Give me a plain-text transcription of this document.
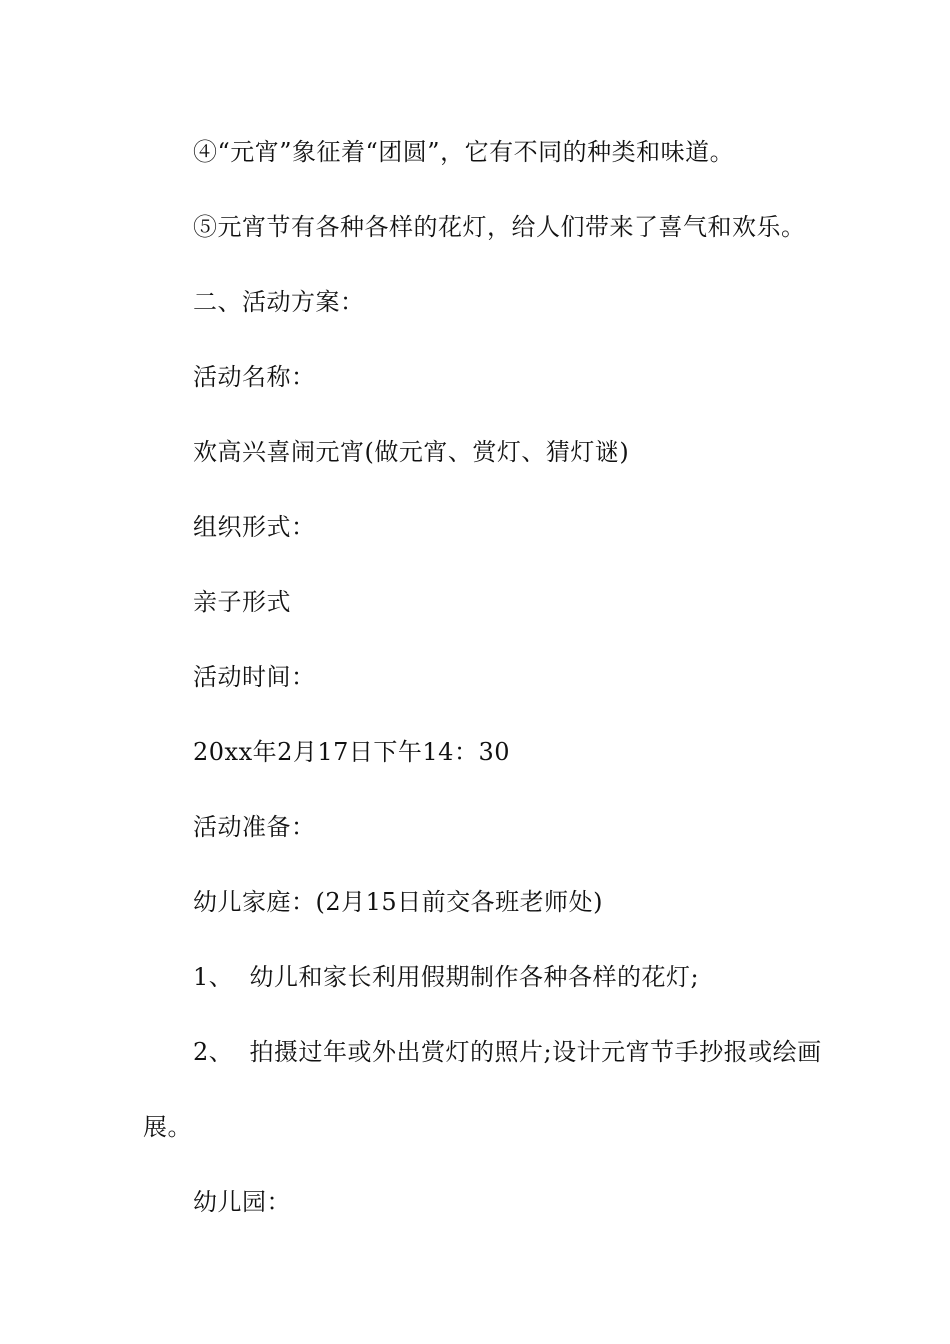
④“元宵”象征着“团圆”，它有不同的种类和味道。
⑤元宵节有各种各样的花灯，给人们带来了喜气和欢乐。
二、活动方案：
活动名称：
欢高兴喜闹元宵(做元宵、赏灯、猜灯谜)
组织形式：
亲子形式
活动时间：
20xx年2月17日下午14：30
活动准备：
幼儿家庭：(2月15日前交各班老师处)
1、  幼儿和家长利用假期制作各种各样的花灯;
2、  拍摄过年或外出赏灯的照片;设计元宵节手抄报或绘画
展。
幼儿园：
